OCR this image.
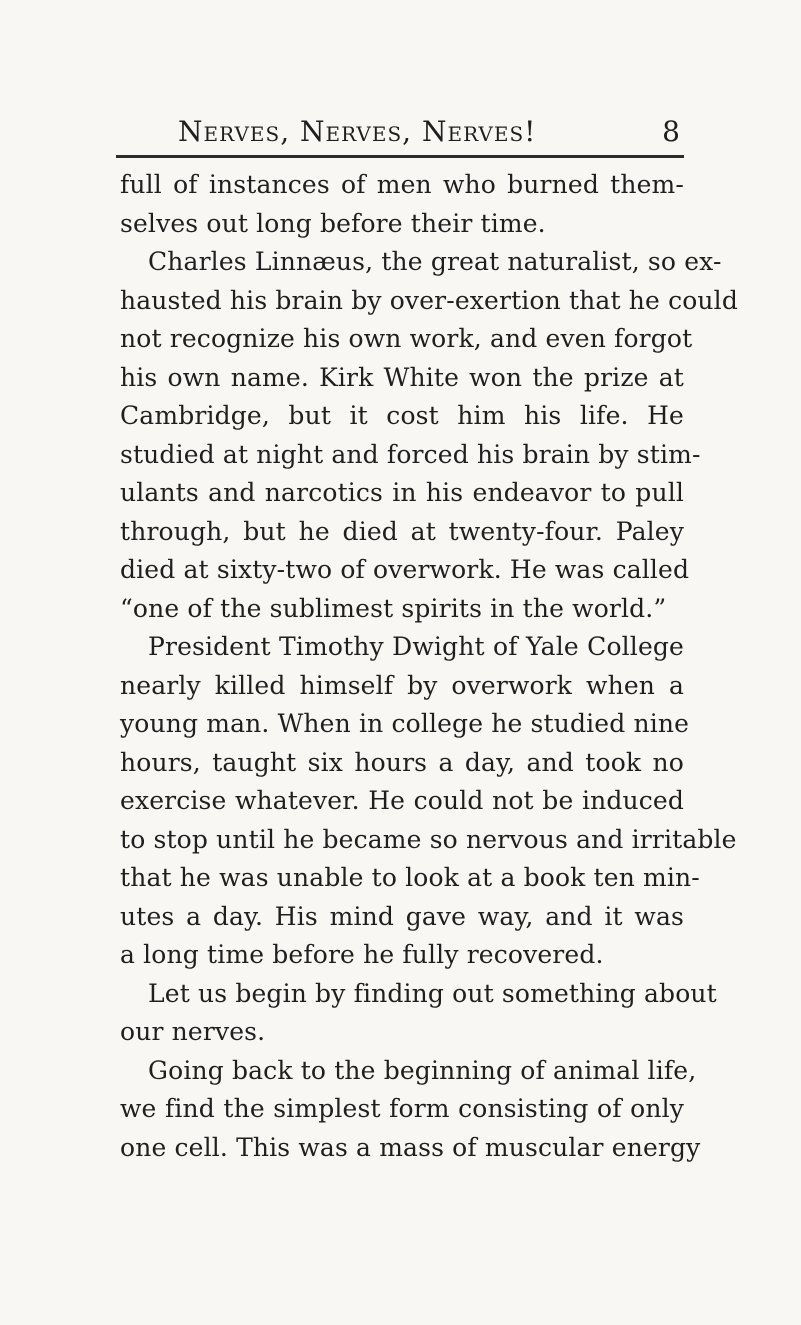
Nerves, Nerves, Nerves!	8
full of instances of men who burned them-
selves out long before their time.
Charles Linnæus, the great naturalist, so ex-
hausted his brain by over-exertion that he could
not recognize his own work, and even forgot
his own name. Kirk White won the prize at
Cambridge, but it cost him his life. He
studied at night and forced his brain by stim-
ulants and narcotics in his endeavor to pull
through, but he died at twenty-four. Paley
died at sixty-two of overwork. He was called
“one of the sublimest spirits in the world.”
President Timothy Dwight of Yale College
nearly killed himself by overwork when a
young man. When in college he studied nine
hours, taught six hours a day, and took no
exercise whatever. He could not be induced
to stop until he became so nervous and irritable
that he was unable to look at a book ten min-
utes a day. His mind gave way, and it was
a long time before he fully recovered.
Let us begin by finding out something about
our nerves.
Going back to the beginning of animal life,
we find the simplest form consisting of only
one cell. This was a mass of muscular energy
